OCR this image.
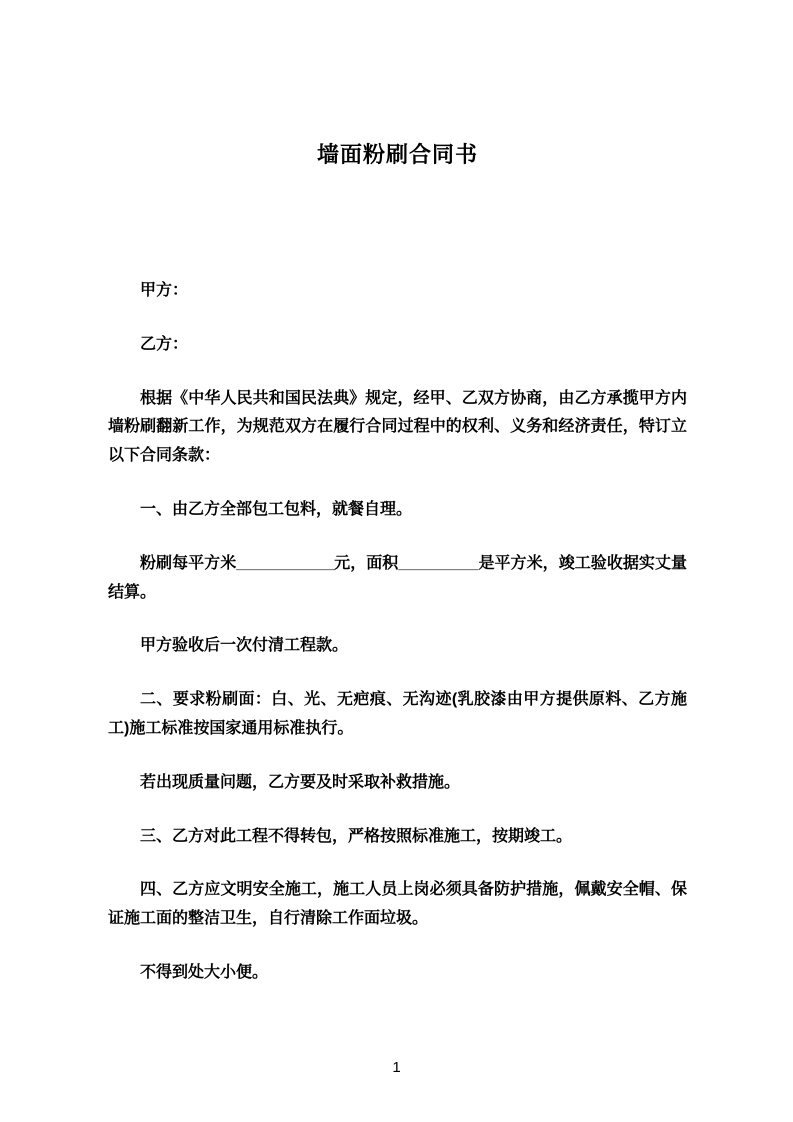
墙面粉刷合同书

甲方：

乙方：

根据《中华人民共和国民法典》规定，经甲、乙双方协商，由乙方承揽甲方内墙粉刷翻新工作，为规范双方在履行合同过程中的权利、义务和经济责任，特订立以下合同条款：

一、由乙方全部包工包料，就餐自理。

粉刷每平方米___________元，面积_________是平方米，竣工验收据实丈量结算。

甲方验收后一次付清工程款。

二、要求粉刷面：白、光、无疤痕、无沟迹(乳胶漆由甲方提供原料、乙方施工)施工标准按国家通用标准执行。

若出现质量问题，乙方要及时采取补救措施。

三、乙方对此工程不得转包，严格按照标准施工，按期竣工。

四、乙方应文明安全施工，施工人员上岗必须具备防护措施，佩戴安全帽、保证施工面的整洁卫生，自行清除工作面垃圾。

不得到处大小便。

1
